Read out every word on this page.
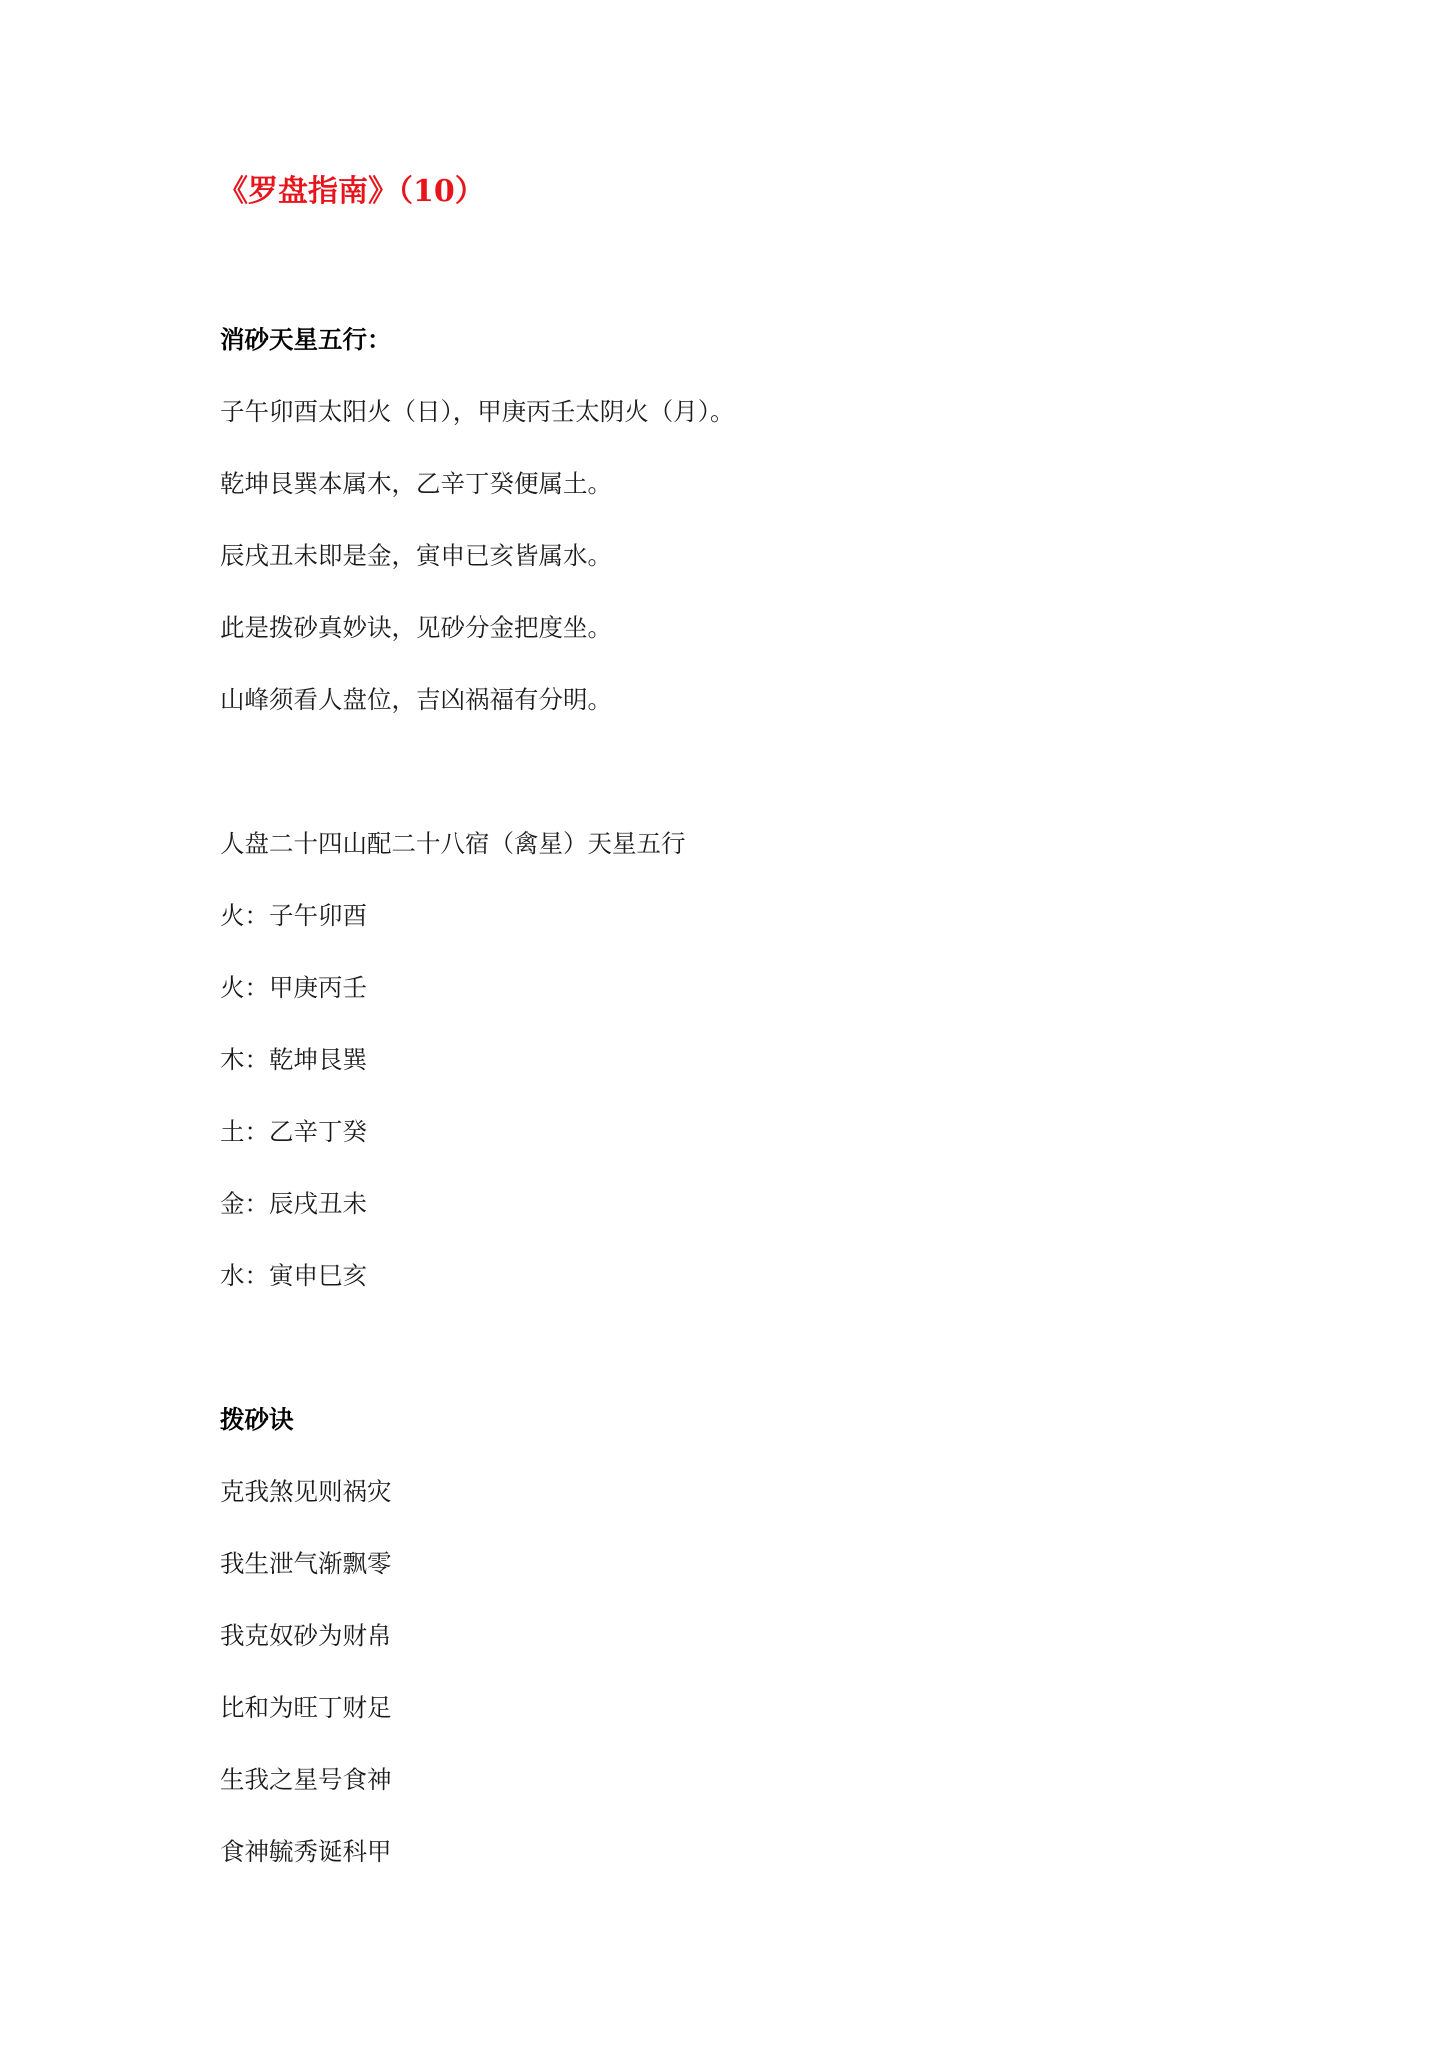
《罗盘指南》（10）
消砂天星五行：
子午卯酉太阳火（日），甲庚丙壬太阴火（月）。
乾坤艮巽本属木，乙辛丁癸便属土。
辰戌丑未即是金，寅申已亥皆属水。
此是拨砂真妙诀，见砂分金把度坐。
山峰须看人盘位，吉凶祸福有分明。
人盘二十四山配二十八宿（禽星）天星五行
火：子午卯酉
火：甲庚丙壬
木：乾坤艮巽
土：乙辛丁癸
金：辰戌丑未
水：寅申巳亥
拨砂诀
克我煞见则祸灾
我生泄气渐飘零
我克奴砂为财帛
比和为旺丁财足
生我之星号食神
食神毓秀诞科甲
